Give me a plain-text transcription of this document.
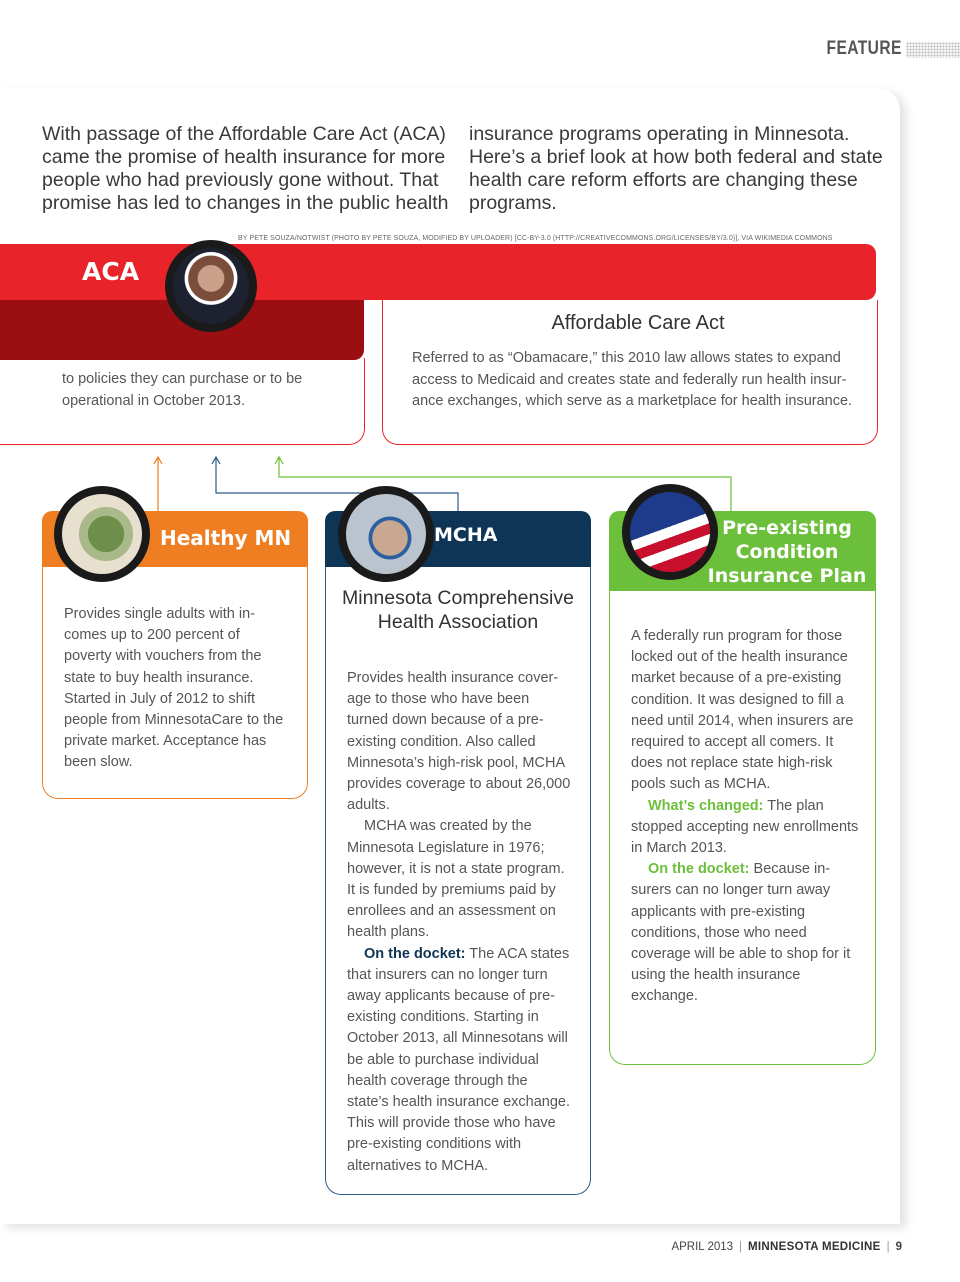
FEATURE
With passage of the Affordable Care Act (ACA) came the promise of health insurance for more people who had previously gone without. That promise has led to changes in the public health
insurance programs operating in Minnesota. Here’s a brief look at how both federal and state health care reform efforts are changing these programs.
BY PETE SOUZA/NOTWIST (PHOTO BY PETE SOUZA, MODIFIED BY UPLOADER) [CC-BY-3.0 (HTTP://CREATIVECOMMONS.ORG/LICENSES/BY/3.0)], VIA WIKIMEDIA COMMONS
ACA
to policies they can purchase or to be operational in October 2013.
Affordable Care Act
Referred to as “Obamacare,” this 2010 law allows states to expand access to Medicaid and creates state and federally run health insurance exchanges, which serve as a marketplace for health insurance.
Healthy MN
Provides single adults with incomes up to 200 percent of poverty with vouchers from the state to buy health insurance. Started in July of 2012 to shift people from MinnesotaCare to the private market. Acceptance has been slow.
MCHA
Minnesota Comprehensive Health Association

Provides health insurance coverage to those who have been turned down because of a pre-existing condition. Also called Minnesota’s high-risk pool, MCHA provides coverage to about 26,000 adults.

MCHA was created by the Minnesota Legislature in 1976; however, it is not a state program. It is funded by premiums paid by enrollees and an assessment on health plans.

On the docket: The ACA states that insurers can no longer turn away applicants because of pre-existing conditions. Starting in October 2013, all Minnesotans will be able to purchase individual health coverage through the state’s health insurance exchange. This will provide those who have pre-existing conditions with alternatives to MCHA.

Pre-existing Condition Insurance Plan

A federally run program for those locked out of the health insurance market because of a pre-existing condition. It was designed to fill a need until 2014, when insurers are required to accept all comers. It does not replace state high-risk pools such as MCHA.

What’s changed: The plan stopped accepting new enrollments in March 2013.

On the docket: Because insurers can no longer turn away applicants with pre-existing conditions, those who need coverage will be able to shop for it using the health insurance exchange.

APRIL 2013 | MINNESOTA MEDICINE | 9
